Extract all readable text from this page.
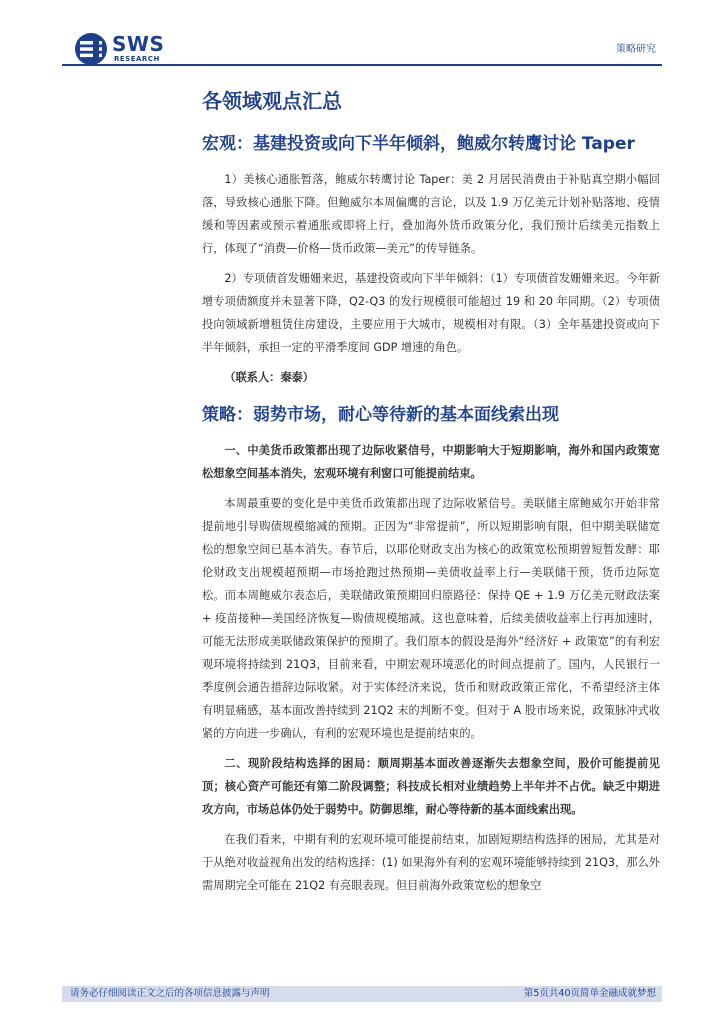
SWS
RESEARCH
策略研究
各领域观点汇总
宏观：基建投资或向下半年倾斜，鲍威尔转鹰讨论 Taper

1）美核心通胀暂落，鲍威尔转鹰讨论 Taper：美 2 月居民消费由于补贴真空期小幅回落，导致核心通胀下降。但鲍威尔本周偏鹰的言论，以及 1.9 万亿美元计划补贴落地、疫情缓和等因素或预示着通胀或即将上行，叠加海外货币政策分化，我们预计后续美元指数上行，体现了“消费—价格—货币政策—美元”的传导链条。

2）专项债首发姗姗来迟，基建投资或向下半年倾斜：（1）专项债首发姗姗来迟。今年新增专项债额度并未显著下降，Q2-Q3 的发行规模很可能超过 19 和 20 年同期。（2）专项债投向领域新增租赁住房建设，主要应用于大城市，规模相对有限。（3）全年基建投资或向下半年倾斜，承担一定的平滑季度间 GDP 增速的角色。

（联系人：秦泰）

策略：弱势市场，耐心等待新的基本面线索出现

一、中美货币政策都出现了边际收紧信号，中期影响大于短期影响，海外和国内政策宽松想象空间基本消失，宏观环境有利窗口可能提前结束。

本周最重要的变化是中美货币政策都出现了边际收紧信号。美联储主席鲍威尔开始非常提前地引导购债规模缩减的预期。正因为“非常提前”，所以短期影响有限，但中期美联储宽松的想象空间已基本消失。春节后，以耶伦财政支出为核心的政策宽松预期曾短暂发酵：耶伦财政支出规模超预期—市场抢跑过热预期—美债收益率上行—美联储干预，货币边际宽松。而本周鲍威尔表态后，美联储政策预期回归原路径：保持 QE + 1.9 万亿美元财政法案 + 疫苗接种—美国经济恢复—购债规模缩减。这也意味着，后续美债收益率上行再加速时，可能无法形成美联储政策保护的预期了。我们原本的假设是海外“经济好 + 政策宽”的有利宏观环境将持续到 21Q3，目前来看，中期宏观环境恶化的时间点提前了。国内，人民银行一季度例会通告措辞边际收紧。对于实体经济来说，货币和财政政策正常化，不希望经济主体有明显痛感，基本面改善持续到 21Q2 末的判断不变。但对于 A 股市场来说，政策脉冲式收紧的方向进一步确认，有利的宏观环境也是提前结束的。

二、现阶段结构选择的困局：顺周期基本面改善逐渐失去想象空间，股价可能提前见顶；核心资产可能还有第二阶段调整；科技成长相对业绩趋势上半年并不占优。缺乏中期进攻方向，市场总体仍处于弱势中。防御思维，耐心等待新的基本面线索出现。

在我们看来，中期有利的宏观环境可能提前结束，加剧短期结构选择的困局，尤其是对于从绝对收益视角出发的结构选择：(1) 如果海外有利的宏观环境能够持续到 21Q3，那么外需周期完全可能在 21Q2 有亮眼表现。但目前海外政策宽松的想象空

请务必仔细阅读正文之后的各项信息披露与声明	第5页共40页简单金融成就梦想
